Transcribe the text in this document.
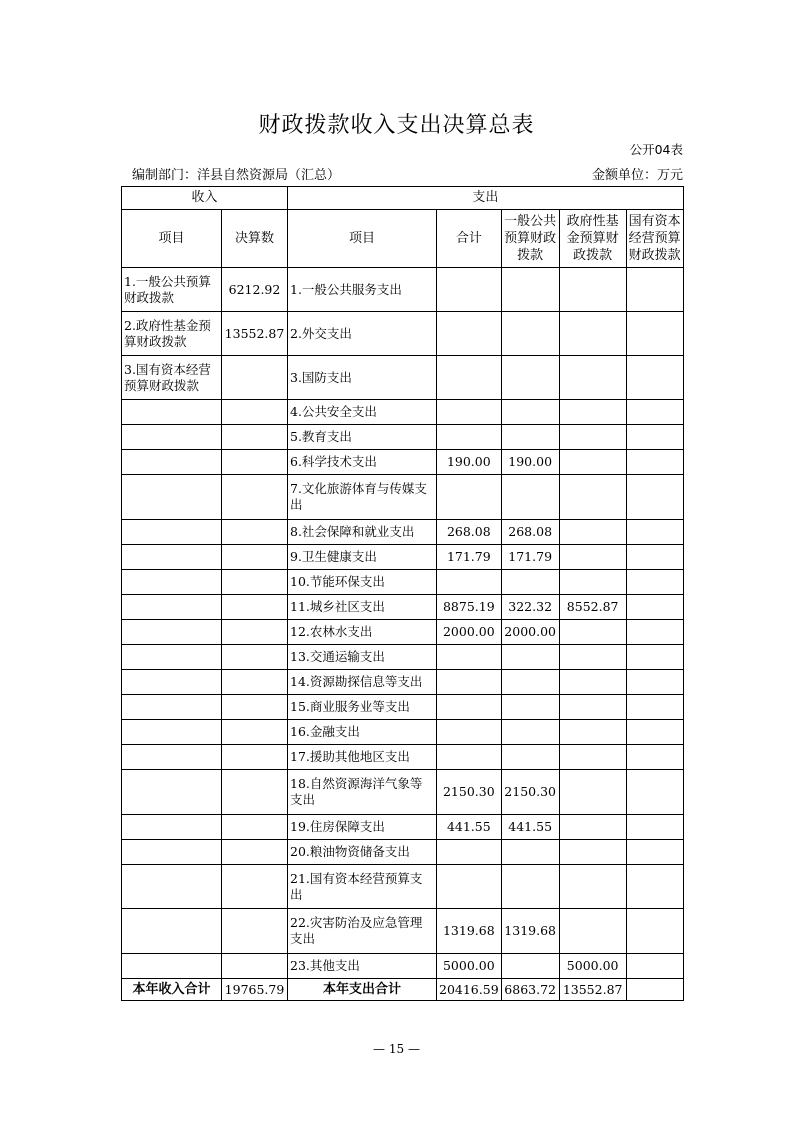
财政拨款收入支出决算总表
公开04表
编制部门：洋县自然资源局（汇总）	金额单位：万元
收入		支出				
项目	决算数	项目	合计	一般公共预算财政拨款	政府性基金预算财政拨款	国有资本经营预算财政拨款
1.一般公共预算财政拨款	6212.92	1.一般公共服务支出				
2.政府性基金预算财政拨款	13552.87	2.外交支出				
3.国有资本经营预算财政拨款		3.国防支出				
		4.公共安全支出				
		5.教育支出				
		6.科学技术支出	190.00	190.00		
		7.文化旅游体育与传媒支出				
		8.社会保障和就业支出	268.08	268.08		
		9.卫生健康支出	171.79	171.79		
		10.节能环保支出				
		11.城乡社区支出	8875.19	322.32	8552.87	
		12.农林水支出	2000.00	2000.00		
		13.交通运输支出				
		14.资源勘探信息等支出				
		15.商业服务业等支出				
		16.金融支出				
		17.援助其他地区支出				
		18.自然资源海洋气象等支出	2150.30	2150.30		
		19.住房保障支出	441.55	441.55		
		20.粮油物资储备支出				
		21.国有资本经营预算支出				
		22.灾害防治及应急管理支出	1319.68	1319.68		
		23.其他支出	5000.00		5000.00	
本年收入合计	19765.79	本年支出合计	20416.59	6863.72	13552.87	
— 15 —
